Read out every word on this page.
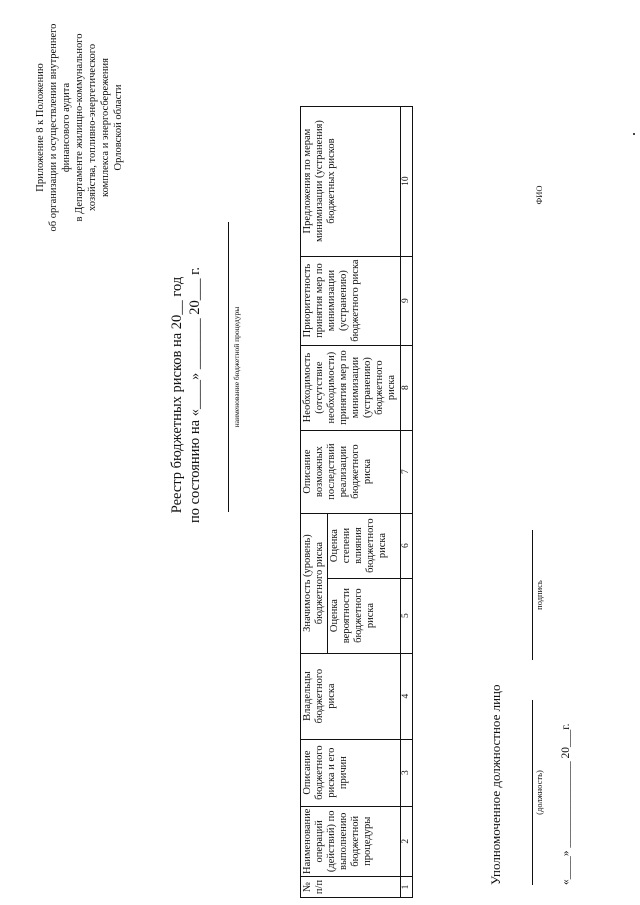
Приложение 8 к Положению об организации и осуществлении внутреннего финансового аудита в Департаменте жилищно-коммунального хозяйства, топливно-энергетического комплекса и энергосбережения Орловской области
Реестр бюджетных рисков на 20__ год
по состоянию на «____» _______ 20___ г.
наименование бюджетной процедуры
№ п/п	Наименование операций (действий) по выполнению бюджетной процедуры	Описание бюджетного риска и его причин	Владельцы бюджетного риска	Значимость (уровень) бюджетного риска		Описание возможных последствий реализации бюджетного риска	Необходимость (отсутствие необходимости) принятия мер по минимизации (устранению) бюджетного риска	Приоритетность принятия мер по минимизации (устранению) бюджетного риска	Предложения по мерам минимизации (устранения) бюджетных рисков
				Оценка вероятности бюджетного риска	Оценка степени влияния бюджетного риска				
1	2	3	4	5	6	7	8	9	10
Уполномоченное должностное лицо	(должность)
подпись
ФИО
«____» _______________ 20___г.
